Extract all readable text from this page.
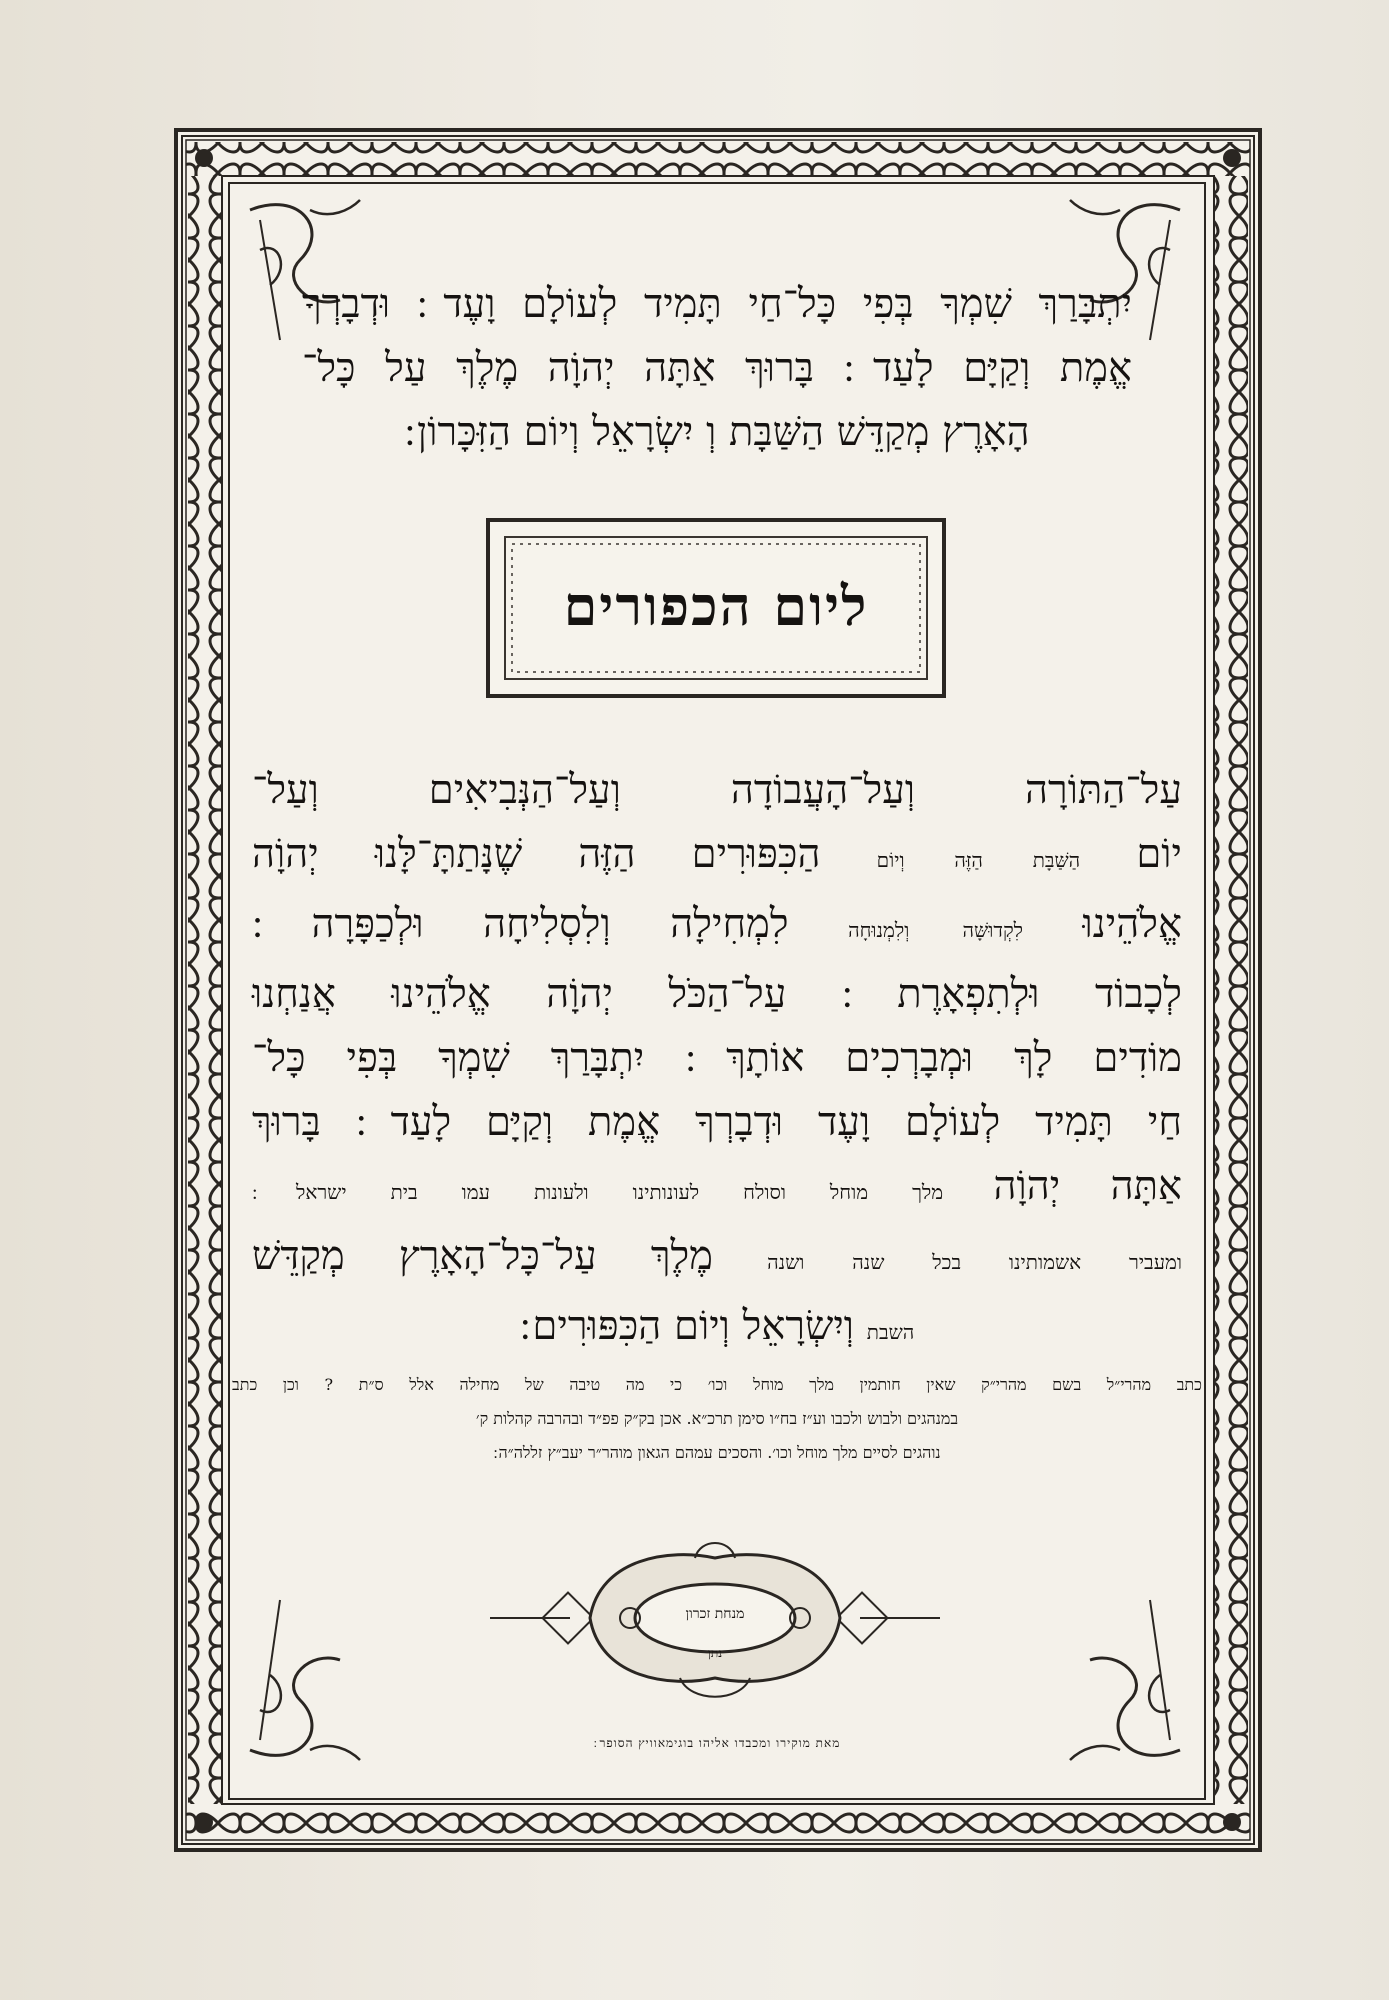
יִתְבָּרַךְ שִׁמְךָ בְּפִי כָּל־חַי תָּמִיד לְעוֹלָם וָעֶד ׃ וּדְבָרְךָ
אֱמֶת וְקַיָּם לָעַד ׃ בָּרוּךְ אַתָּה יְהוָֹה מֶלֶךְ עַל כָּל־
הָאָרֶץ מְקַדֵּשׁ הַשַּׁבָּת וְ יִשְׂרָאֵל וְיוֹם הַזִּכָּרוֹן ׃
ליום הכפורים
עַל־הַתּוֹרָה וְעַל־הָעֲבוֹדָה וְעַל־הַנְּבִיאִים וְעַל־
יוֹם הַשַּׁבָּת הַזֶּה וְיוֹם הַכִּפּוּרִים הַזֶּה שֶׁנָּתַתָּ־לָּנוּ יְהוָֹה
אֱלֹהֵינוּ לִקְדוּשָּׁה וְלִמְנוּחָה לִמְחִילָה וְלִסְלִיחָה וּלְכַפָּרָה ׃
לְכָבוֹד וּלְתִפְאָרֶת ׃ עַל־הַכֹּל יְהוָֹה אֱלֹהֵינוּ אֲנַחְנוּ
מוֹדִים לָךְ וּמְבָרְכִים אוֹתָךְ ׃ יִתְבָּרַךְ שִׁמְךָ בְּפִי כָּל־
חַי תָּמִיד לְעוֹלָם וָעֶד וּדְבָרְךָ אֱמֶת וְקַיָּם לָעַד ׃ בָּרוּךְ
אַתָּה יְהוָֹה מלך מוחל וסולח לעונותינו ולעונות עמו בית ישראל ׃
ומעביר אשמותינו בכל שנה ושנה מֶלֶךְ עַל־כָּל־הָאָרֶץ מְקַדֵּשׁ
השבת וְיִשְׂרָאֵל וְיוֹם הַכִּפּוּרִים ׃
כתב מהרי״ל בשם מהרי״ק שאין חותמין מלך מוחל וכו׳ כי מה טיבה של מחילה אלל ס״ת ? וכן כתב
במנהגים ולבוש ולכבו וע״ז בח״ו סימן תרכ״א. אכן בק״ק פפ״ד ובהרבה קהלות ק׳
נוהגים לסיים מלך מוחל וכו׳. והסכים עמהם הגאון מוהר״ר יעב״ץ זללה״ה ׃
מנחת זכרון
נתן
מאת מוקירו ומכבדו אליהו בוגימאוויץ הסופר ׃
